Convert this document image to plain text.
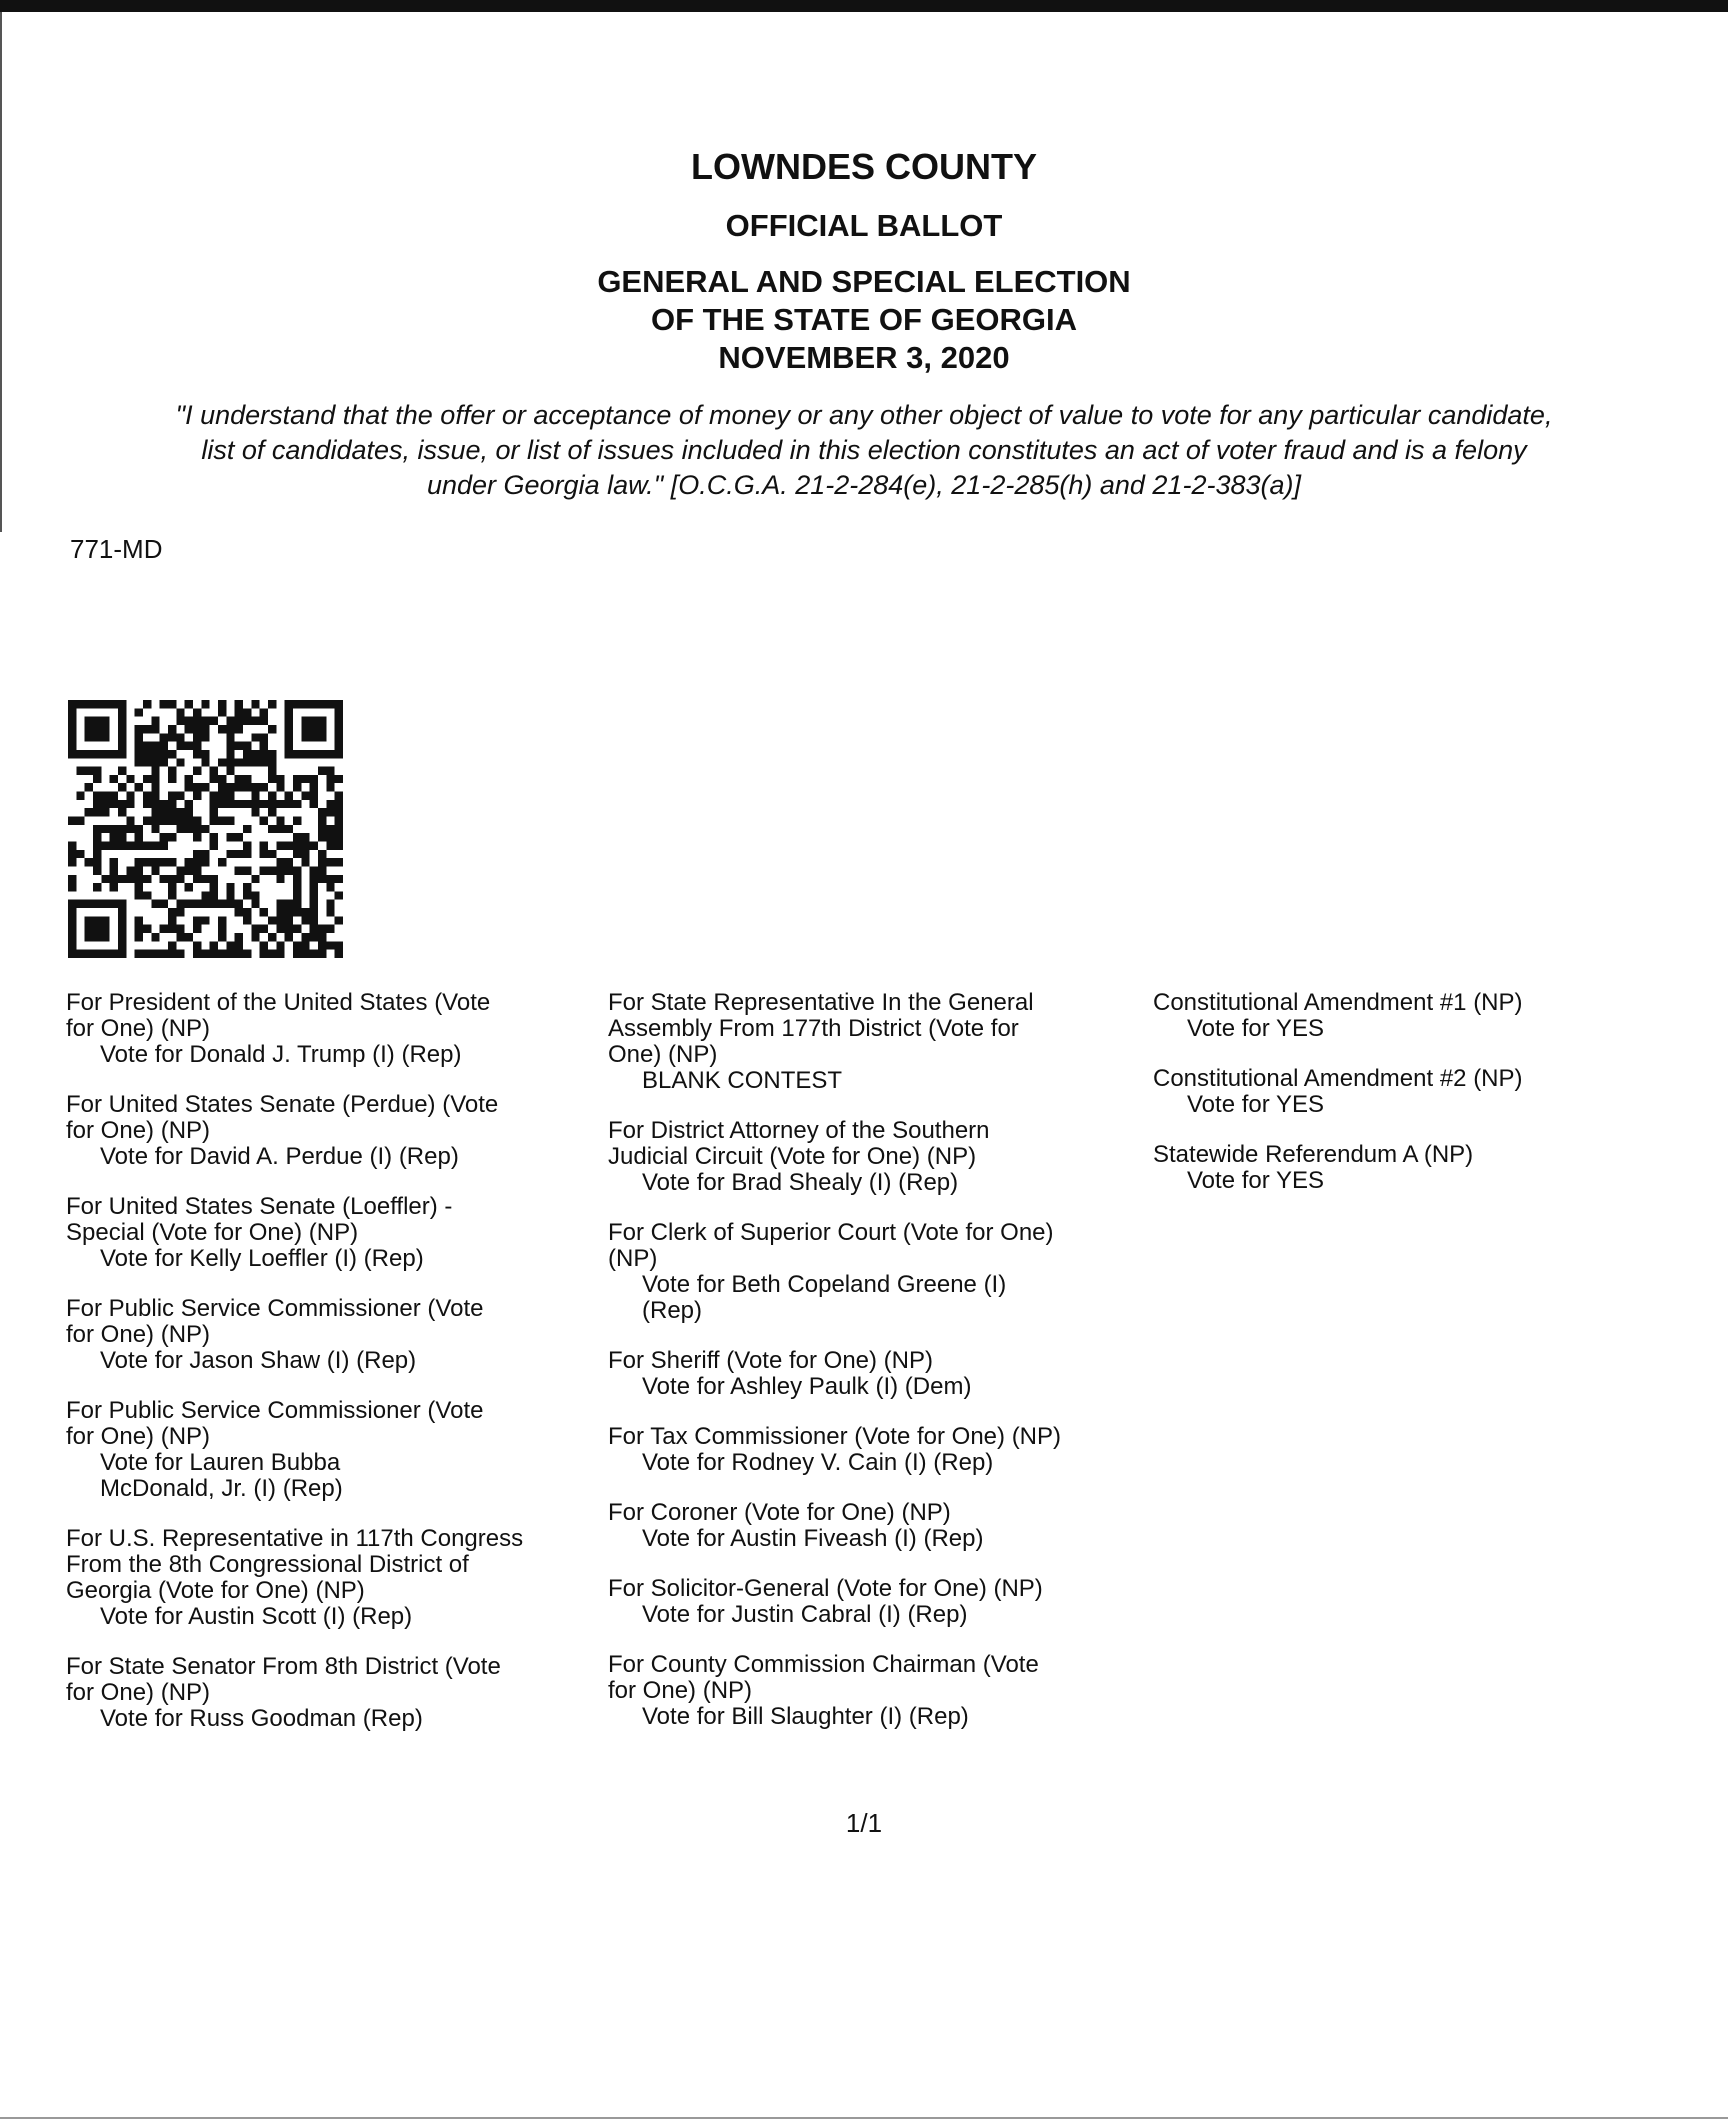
LOWNDES COUNTY
OFFICIAL BALLOT
GENERAL AND SPECIAL ELECTION
OF THE STATE OF GEORGIA
NOVEMBER 3, 2020
"I understand that the offer or acceptance of money or any other object of value to vote for any particular candidate,
list of candidates, issue, or list of issues included in this election constitutes an act of voter fraud and is a felony
under Georgia law." [O.C.G.A. 21-2-284(e), 21-2-285(h) and 21-2-383(a)]
771-MD
For President of the United States (Vote
for One) (NP)
Vote for Donald J. Trump (I) (Rep)
For United States Senate (Perdue) (Vote
for One) (NP)
Vote for David A. Perdue (I) (Rep)
For United States Senate (Loeffler) -
Special (Vote for One) (NP)
Vote for Kelly Loeffler (I) (Rep)
For Public Service Commissioner (Vote
for One) (NP)
Vote for Jason Shaw (I) (Rep)
For Public Service Commissioner (Vote
for One) (NP)
Vote for Lauren Bubba
McDonald, Jr. (I) (Rep)
For U.S. Representative in 117th Congress
From the 8th Congressional District of
Georgia (Vote for One) (NP)
Vote for Austin Scott (I) (Rep)
For State Senator From 8th District (Vote
for One) (NP)
Vote for Russ Goodman (Rep)
For State Representative In the General
Assembly From 177th District (Vote for
One) (NP)
BLANK CONTEST
For District Attorney of the Southern
Judicial Circuit (Vote for One) (NP)
Vote for Brad Shealy (I) (Rep)
For Clerk of Superior Court (Vote for One)
(NP)
Vote for Beth Copeland Greene (I)
(Rep)
For Sheriff (Vote for One) (NP)
Vote for Ashley Paulk (I) (Dem)
For Tax Commissioner (Vote for One) (NP)
Vote for Rodney V. Cain (I) (Rep)
For Coroner (Vote for One) (NP)
Vote for Austin Fiveash (I) (Rep)
For Solicitor-General (Vote for One) (NP)
Vote for Justin Cabral (I) (Rep)
For County Commission Chairman (Vote
for One) (NP)
Vote for Bill Slaughter (I) (Rep)
Constitutional Amendment #1 (NP)
Vote for YES
Constitutional Amendment #2 (NP)
Vote for YES
Statewide Referendum A (NP)
Vote for YES
1/1
